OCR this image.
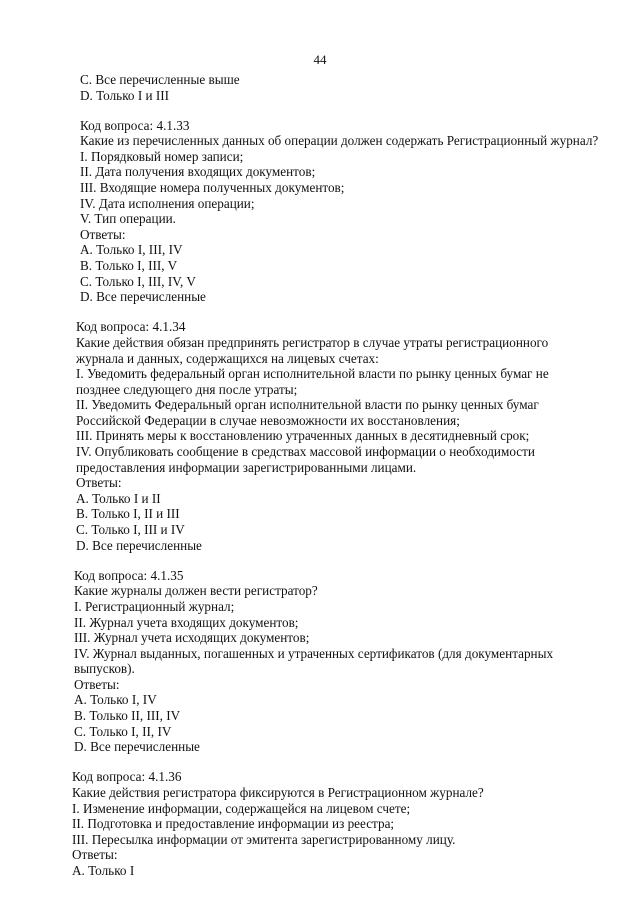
44

C. Все перечисленные выше

D. Только I и III

Код вопроса: 4.1.33

Какие из перечисленных данных об операции должен содержать Регистрационный журнал?

I. Порядковый номер записи;

II. Дата получения входящих документов;

III. Входящие номера полученных документов;

IV. Дата исполнения операции;

V. Тип операции.

Ответы:

A. Только I, III, IV

B. Только I, III, V

C. Только I, III, IV, V

D. Все перечисленные

Код вопроса: 4.1.34

Какие действия обязан предпринять регистратор в случае утраты регистрационного

журнала и данных, содержащихся на лицевых счетах:

I. Уведомить федеральный орган исполнительной власти по рынку ценных бумаг не

позднее следующего дня после утраты;

II. Уведомить Федеральный орган исполнительной власти по рынку ценных бумаг

Российской Федерации в случае невозможности их восстановления;

III. Принять меры к восстановлению утраченных данных в десятидневный срок;

IV. Опубликовать сообщение в средствах массовой информации о необходимости

предоставления информации зарегистрированными лицами.

Ответы:

A. Только I и II

B. Только I, II и III

C. Только I, III и IV

D. Все перечисленные

Код вопроса: 4.1.35

Какие журналы должен вести регистратор?

I. Регистрационный журнал;

II. Журнал учета входящих документов;

III. Журнал учета исходящих документов;

IV. Журнал выданных, погашенных и утраченных сертификатов (для документарных

выпусков).

Ответы:

A. Только I, IV

B. Только II, III, IV

C. Только I, II, IV

D. Все перечисленные

Код вопроса: 4.1.36

Какие действия регистратора фиксируются в Регистрационном журнале?

I. Изменение информации, содержащейся на лицевом счете;

II. Подготовка и предоставление информации из реестра;

III. Пересылка информации от эмитента зарегистрированному лицу.

Ответы:

A. Только I
